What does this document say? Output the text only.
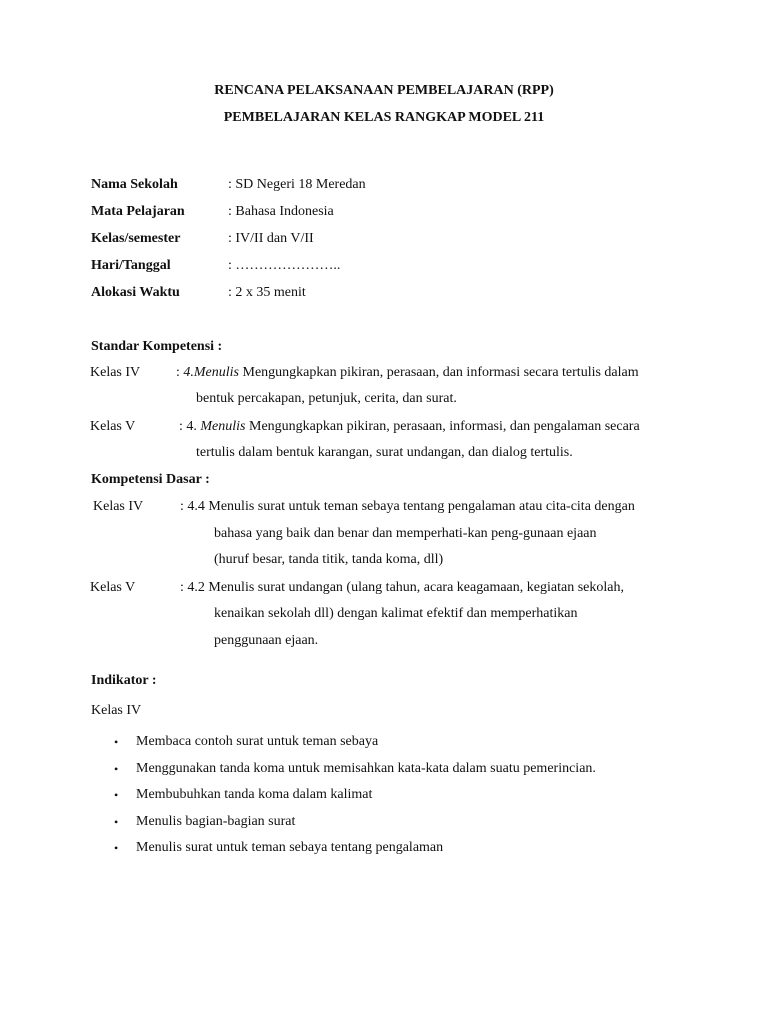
RENCANA PELAKSANAAN PEMBELAJARAN (RPP)
PEMBELAJARAN KELAS RANGKAP MODEL 211
Nama Sekolah	: SD Negeri 18 Meredan
Mata Pelajaran	: Bahasa Indonesia
Kelas/semester	: IV/II dan V/II
Hari/Tanggal	: …………………..
Alokasi Waktu	: 2 x 35 menit
Standar Kompetensi :
Kelas IV	: 4.Menulis Mengungkapkan pikiran, perasaan, dan informasi secara tertulis dalam
bentuk percakapan, petunjuk, cerita, dan surat.
Kelas V	: 4. Menulis Mengungkapkan pikiran, perasaan, informasi, dan pengalaman secara
tertulis dalam bentuk karangan, surat undangan, dan dialog tertulis.
Kompetensi Dasar :
Kelas IV	: 4.4 Menulis surat untuk teman sebaya tentang pengalaman atau cita-cita dengan
bahasa yang baik dan benar dan memperhati-kan peng-gunaan ejaan
(huruf besar, tanda titik, tanda koma, dll)
Kelas V	: 4.2 Menulis surat undangan (ulang tahun, acara keagamaan, kegiatan sekolah,
kenaikan sekolah dll) dengan kalimat efektif dan memperhatikan
penggunaan ejaan.
Indikator :
Kelas IV
• Membaca contoh surat untuk teman sebaya
• Menggunakan tanda koma untuk memisahkan kata-kata dalam suatu pemerincian.
• Membubuhkan tanda koma dalam kalimat
• Menulis bagian-bagian surat
• Menulis surat untuk teman sebaya tentang pengalaman
